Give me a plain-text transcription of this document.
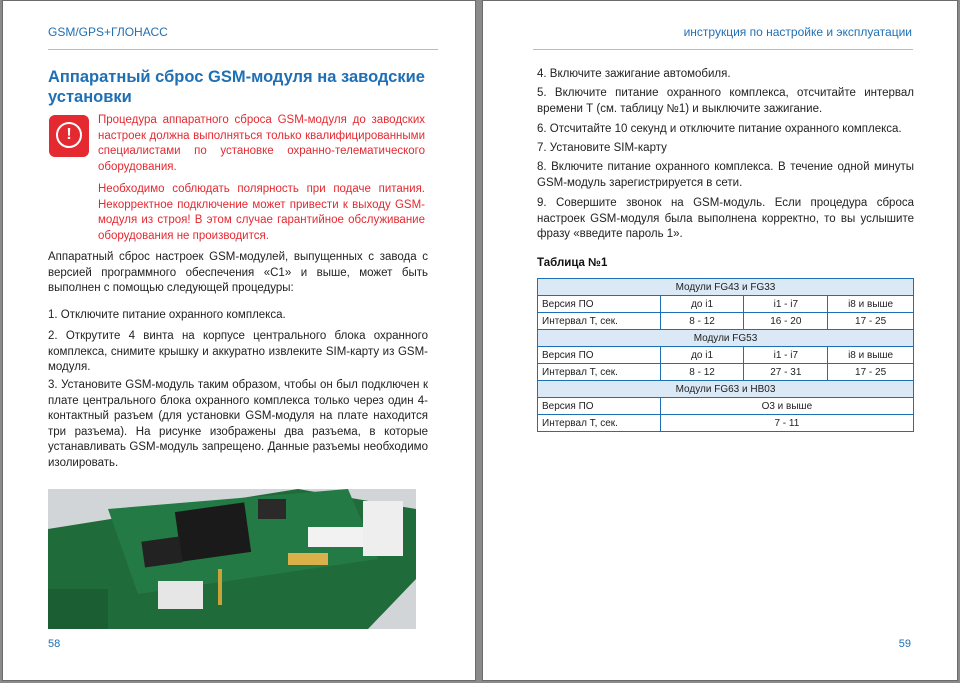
GSM/GPS+ГЛОНАСС
Аппаратный сброс GSM-модуля на заводские установки
!
Процедура аппаратного сброса GSM-модуля до заводских настроек должна выполняться только квалифицированными специалистами по установке охранно-телематического оборудования.
Необходимо соблюдать полярность при подаче питания. Некорректное подключение может привести к выходу GSM-модуля из строя! В этом случае гарантийное обслуживание оборудования не производится.
Аппаратный сброс настроек GSM-модулей, выпущенных с завода с версией программного обеспечения «C1» и выше, может быть выполнен с помощью следующей процедуры:
1. Отключите питание охранного комплекса.
2. Открутите 4 винта на корпусе центрального блока охранного комплекса, снимите крышку и аккуратно извлеките SIM-карту из GSM-модуля.
3. Установите GSM-модуль таким образом, чтобы он был подключен к плате центрального блока охранного комплекса только через один 4-контактный разъем (для установки GSM-модуля на плате находится три разъема). На рисунке изображены два разъема, в которые устанавливать GSM-модуль запрещено. Данные разъемы необходимо изолировать.
58
инструкция по настройке и эксплуатации
4. Включите зажигание автомобиля.
5. Включите питание охранного комплекса, отсчитайте интервал времени Т (см. таблицу №1) и выключите зажигание.
6. Отсчитайте 10 секунд и отключите питание охранного комплекса.
7. Установите SIM-карту
8. Включите питание охранного комплекса. В течение одной минуты GSM-модуль зарегистрируется в сети.
9. Совершите звонок на GSM-модуль. Если процедура сброса настроек GSM-модуля была выполнена корректно, то вы услышите фразу «введите пароль 1».
Таблица №1
Модули FG43 и FG33			
Версия ПО	до i1	i1 - i7	i8 и выше
Интервал Т, сек.	8 - 12	16 - 20	17 - 25
Модули FG53			
Версия ПО	до i1	i1 - i7	i8 и выше
Интервал Т, сек.	8 - 12	27 - 31	17 - 25
Модули FG63 и HB03			
Версия ПО	O3 и выше		
Интервал Т, сек.	7 - 11		
59
